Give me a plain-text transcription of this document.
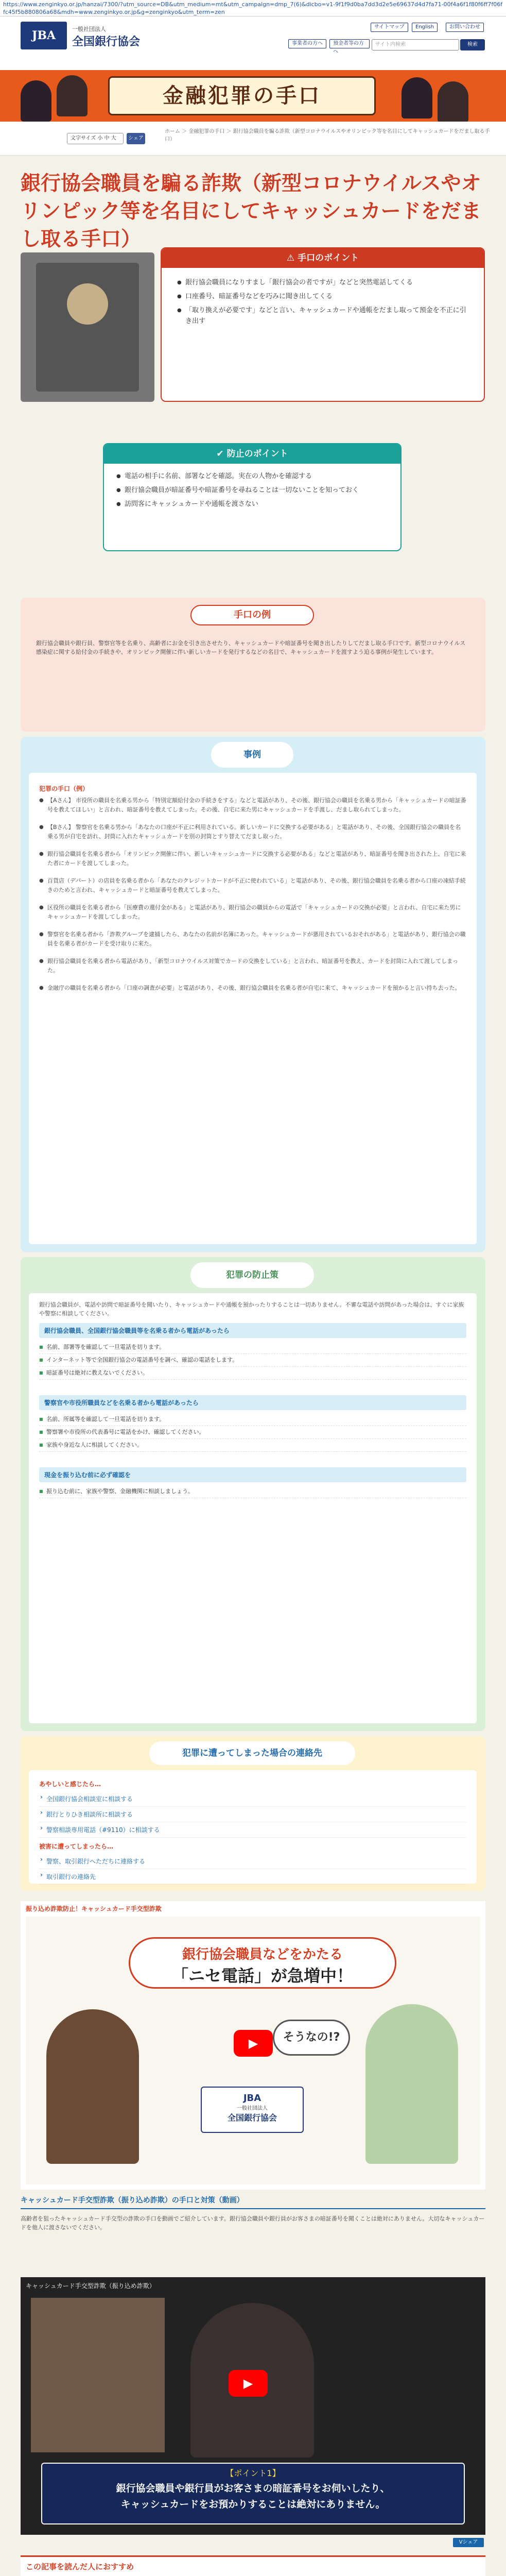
https://www.zenginkyo.or.jp/hanzai/7300/?utm_source=DB&utm_medium=mt&utm_campaign=dmp_7(6)&dicbo=v1-9f1f9d0ba7dd3d2e5e69637d4d7fa71-00f4a6f1f80f6ff7f06ffc45f5b880806a68&mdh=www.zenginkyo.or.jp&g=zenginkyo&utm_term=zen
JBA	一般社団法人
全国銀行協会
サイトマップ	English	お問い合わせ
事業者の方へ	預金者等の方へ
サイト内検索	検索
金融犯罪の手口
文字サイズ 小 中 大	シェア
ホーム ＞ 金融犯罪の手口 ＞ 銀行協会職員を騙る詐欺（新型コロナウイルスやオリンピック等を名目にしてキャッシュカードをだまし取る手口）
銀行協会職員を騙る詐欺（新型コロナウイルスやオリンピック等を名目にしてキャッシュカードをだまし取る手口）
⚠ 手口のポイント
● 銀行協会職員になりすまし「銀行協会の者ですが」などと突然電話してくる
● 口座番号、暗証番号などを巧みに聞き出してくる
● 「取り換えが必要です」などと言い、キャッシュカードや通帳をだまし取って預金を不正に引き出す
✔ 防止のポイント
● 電話の相手に名前、部署などを確認。実在の人物かを確認する
● 銀行協会職員が暗証番号や暗証番号を尋ねることは一切ないことを知っておく
● 訪問客にキャッシュカードや通帳を渡さない
手口の例
銀行協会職員や銀行員、警察官等を名乗り、高齢者にお金を引き出させたり、キャッシュカードや暗証番号を聞き出したりしてだまし取る手口です。新型コロナウイルス感染症に関する給付金の手続きや、オリンピック開催に伴い新しいカードを発行するなどの名目で、キャッシュカードを渡すよう迫る事例が発生しています。
事例
犯罪の手口（例）
● 【Aさん】 市役所の職員を名乗る男から「特別定額給付金の手続きをする」などと電話があり、その後、銀行協会の職員を名乗る男から「キャッシュカードの暗証番号を教えてほしい」と言われ、暗証番号を教えてしまった。その後、自宅に来た男にキャッシュカードを手渡し、だまし取られてしまった。
● 【Bさん】 警察官を名乗る男から「あなたの口座が不正に利用されている。新しいカードに交換する必要がある」と電話があり、その後、全国銀行協会の職員を名乗る男が自宅を訪れ、封筒に入れたキャッシュカードを別の封筒とすり替えてだまし取った。
● 銀行協会職員を名乗る者から「オリンピック開催に伴い、新しいキャッシュカードに交換する必要がある」などと電話があり、暗証番号を聞き出された上、自宅に来た者にカードを渡してしまった。
● 百貨店（デパート）の店員を名乗る者から「あなたのクレジットカードが不正に使われている」と電話があり、その後、銀行協会職員を名乗る者から口座の凍結手続きのためと言われ、キャッシュカードと暗証番号を教えてしまった。
● 区役所の職員を名乗る者から「医療費の還付金がある」と電話があり、銀行協会の職員からの電話で「キャッシュカードの交換が必要」と言われ、自宅に来た男にキャッシュカードを渡してしまった。
● 警察官を名乗る者から「詐欺グループを逮捕したら、あなたの名前が名簿にあった。キャッシュカードが悪用されているおそれがある」と電話があり、銀行協会の職員を名乗る者がカードを受け取りに来た。
● 銀行協会職員を名乗る者から電話があり、「新型コロナウイルス対策でカードの交換をしている」と言われ、暗証番号を教え、カードを封筒に入れて渡してしまった。
● 金融庁の職員を名乗る者から「口座の調査が必要」と電話があり、その後、銀行協会職員を名乗る者が自宅に来て、キャッシュカードを預かると言い持ち去った。
犯罪の防止策
銀行協会職員が、電話や訪問で暗証番号を聞いたり、キャッシュカードや通帳を預かったりすることは一切ありません。不審な電話や訪問があった場合は、すぐに家族や警察に相談してください。
銀行協会職員、全国銀行協会職員等を名乗る者から電話があったら
■ 名前、部署等を確認して一旦電話を切ります。
■ インターネット等で全国銀行協会の電話番号を調べ、確認の電話をします。
■ 暗証番号は絶対に教えないでください。
警察官や市役所職員などを名乗る者から電話があったら
■ 名前、所属等を確認して一旦電話を切ります。
■ 警察署や市役所の代表番号に電話をかけ、確認してください。
■ 家族や身近な人に相談してください。
現金を振り込む前に必ず確認を
■ 振り込む前に、家族や警察、金融機関に相談しましょう。
犯罪に遭ってしまった場合の連絡先
あやしいと感じたら…
› 全国銀行協会相談室に相談する
› 銀行とりひき相談所に相談する
› 警察相談専用電話（#9110）に相談する
被害に遭ってしまったら…
› 警察、取引銀行へただちに連絡する
› 取引銀行の連絡先
振り込め詐欺防止！キャッシュカード手交型詐欺
銀行協会職員などをかたる
「ニセ電話」が急増中！
そうなの!?
▶
JBA
一般社団法人
全国銀行協会
キャッシュカード手交型詐欺（振り込め詐欺）の手口と対策（動画）
高齢者を狙ったキャッシュカード手交型の詐欺の手口を動画でご紹介しています。銀行協会職員や銀行員がお客さまの暗証番号を聞くことは絶対にありません。大切なキャッシュカードを他人に渡さないでください。
キャッシュカード手交型詐欺（振り込め詐欺）
▶
【ポイント1】
銀行協会職員や銀行員がお客さまの暗証番号をお伺いしたり、
キャッシュカードをお預かりすることは絶対にありません。
Vシェア
この記事を読んだ人におすすめ
